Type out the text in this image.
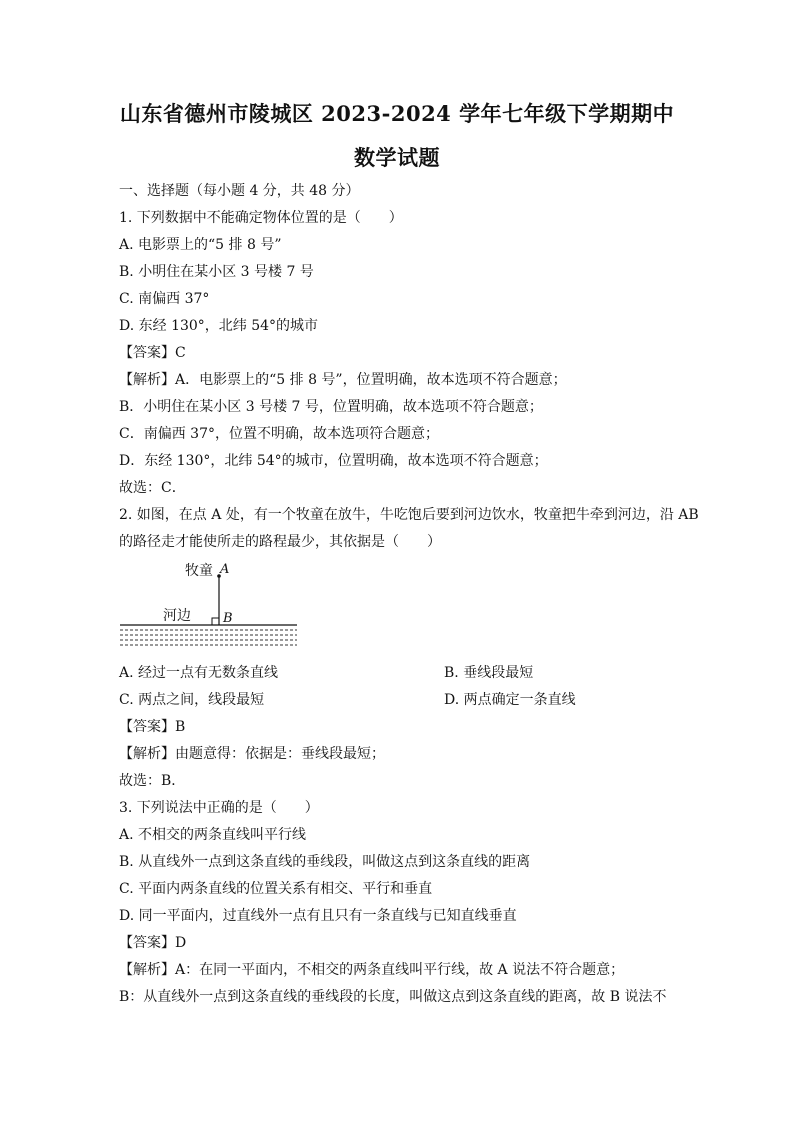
山东省德州市陵城区 2023-2024 学年七年级下学期期中
数学试题
一、选择题（每小题 4 分，共 48 分）
1. 下列数据中不能确定物体位置的是（　　）
A. 电影票上的“5 排 8 号”
B. 小明住在某小区 3 号楼 7 号
C. 南偏西 37°
D. 东经 130°，北纬 54°的城市
【答案】C
【解析】A．电影票上的“5 排 8 号”，位置明确，故本选项不符合题意；
B．小明住在某小区 3 号楼 7 号，位置明确，故本选项不符合题意；
C．南偏西 37°，位置不明确，故本选项符合题意；
D．东经 130°，北纬 54°的城市，位置明确，故本选项不符合题意；
故选：C．
2. 如图，在点 A 处，有一个牧童在放牛，牛吃饱后要到河边饮水，牧童把牛牵到河边，沿 AB
的路径走才能使所走的路程最少，其依据是（　　）
牧童 A
河边 B
A. 经过一点有无数条直线	B. 垂线段最短
C. 两点之间，线段最短	D. 两点确定一条直线
【答案】B
【解析】由题意得：依据是：垂线段最短；
故选：B．
3. 下列说法中正确的是（　　）
A. 不相交的两条直线叫平行线
B. 从直线外一点到这条直线的垂线段，叫做这点到这条直线的距离
C. 平面内两条直线的位置关系有相交、平行和垂直
D. 同一平面内，过直线外一点有且只有一条直线与已知直线垂直
【答案】D
【解析】A：在同一平面内，不相交的两条直线叫平行线，故 A 说法不符合题意；
B：从直线外一点到这条直线的垂线段的长度，叫做这点到这条直线的距离，故 B 说法不
